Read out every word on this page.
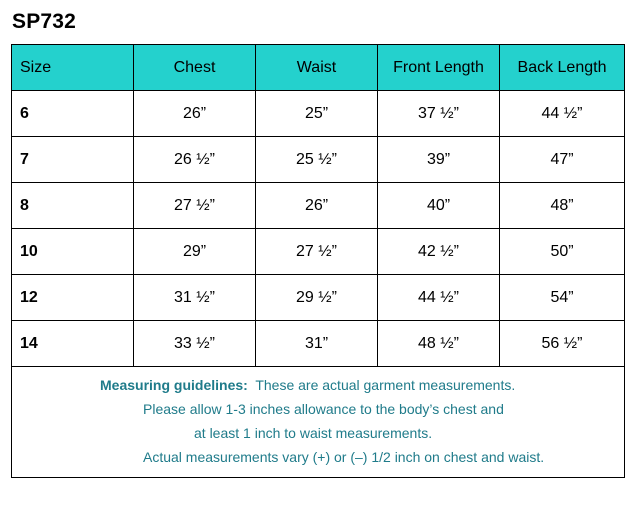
SP732
Size	Chest	Waist	Front Length	Back Length
6	26”	25”	37 ½”	44 ½”
7	26 ½”	25 ½”	39”	47”
8	27 ½”	26”	40”	48”
10	29”	27 ½”	42 ½”	50”
12	31 ½”	29 ½”	44 ½”	54”
14	33 ½”	31”	48 ½”	56 ½”

Measuring guidelines: These are actual garment measurements.
Please allow 1-3 inches allowance to the body’s chest and
at least 1 inch to waist measurements.
Actual measurements vary (+) or (–) 1/2 inch on chest and waist.				
